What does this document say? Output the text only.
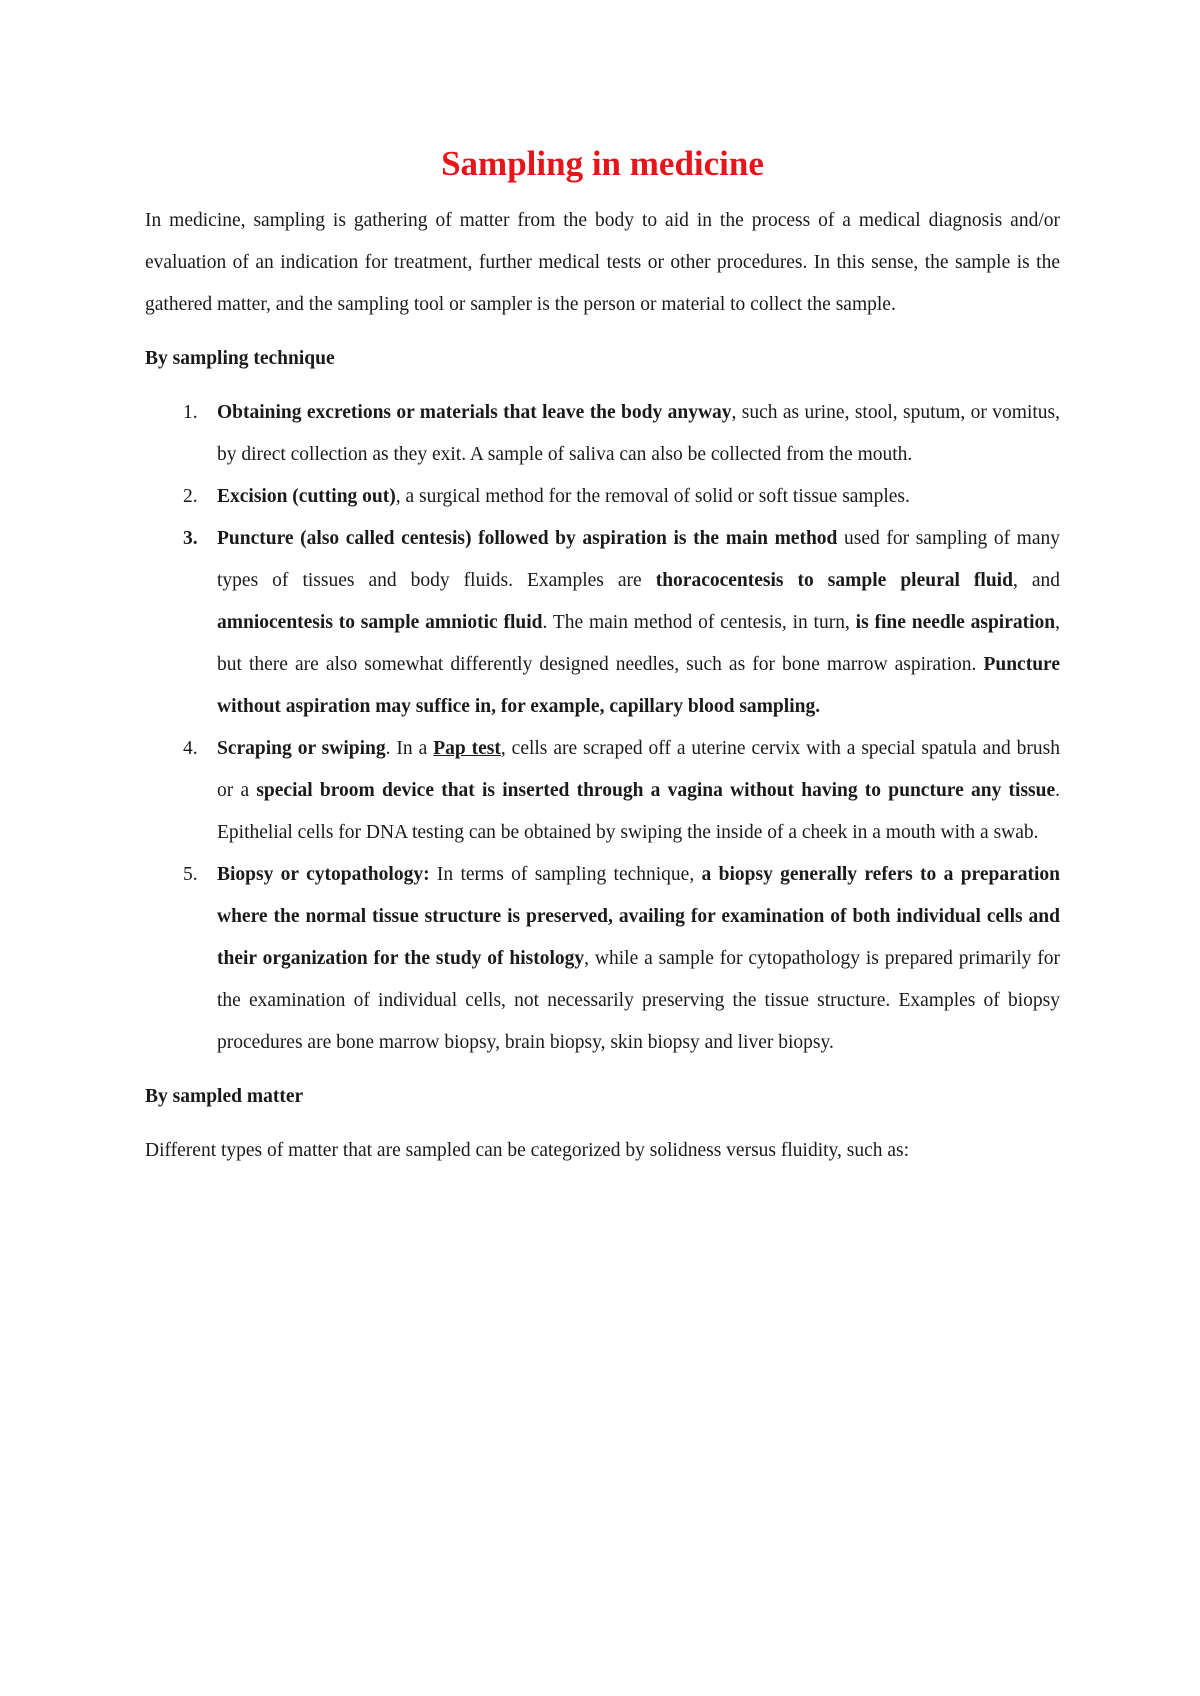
Sampling in medicine

In medicine, sampling is gathering of matter from the body to aid in the process of a medical diagnosis and/or evaluation of an indication for treatment, further medical tests or other procedures. In this sense, the sample is the gathered matter, and the sampling tool or sampler is the person or material to collect the sample.

By sampling technique
1. Obtaining excretions or materials that leave the body anyway, such as urine, stool, sputum, or vomitus, by direct collection as they exit. A sample of saliva can also be collected from the mouth.
2. Excision (cutting out), a surgical method for the removal of solid or soft tissue samples.
3. Puncture (also called centesis) followed by aspiration is the main method used for sampling of many types of tissues and body fluids. Examples are thoracocentesis to sample pleural fluid, and amniocentesis to sample amniotic fluid. The main method of centesis, in turn, is fine needle aspiration, but there are also somewhat differently designed needles, such as for bone marrow aspiration. Puncture without aspiration may suffice in, for example, capillary blood sampling.
4. Scraping or swiping. In a Pap test, cells are scraped off a uterine cervix with a special spatula and brush or a special broom device that is inserted through a vagina without having to puncture any tissue. Epithelial cells for DNA testing can be obtained by swiping the inside of a cheek in a mouth with a swab.
5. Biopsy or cytopathology: In terms of sampling technique, a biopsy generally refers to a preparation where the normal tissue structure is preserved, availing for examination of both individual cells and their organization for the study of histology, while a sample for cytopathology is prepared primarily for the examination of individual cells, not necessarily preserving the tissue structure. Examples of biopsy procedures are bone marrow biopsy, brain biopsy, skin biopsy and liver biopsy.
By sampled matter

Different types of matter that are sampled can be categorized by solidness versus fluidity, such as:
